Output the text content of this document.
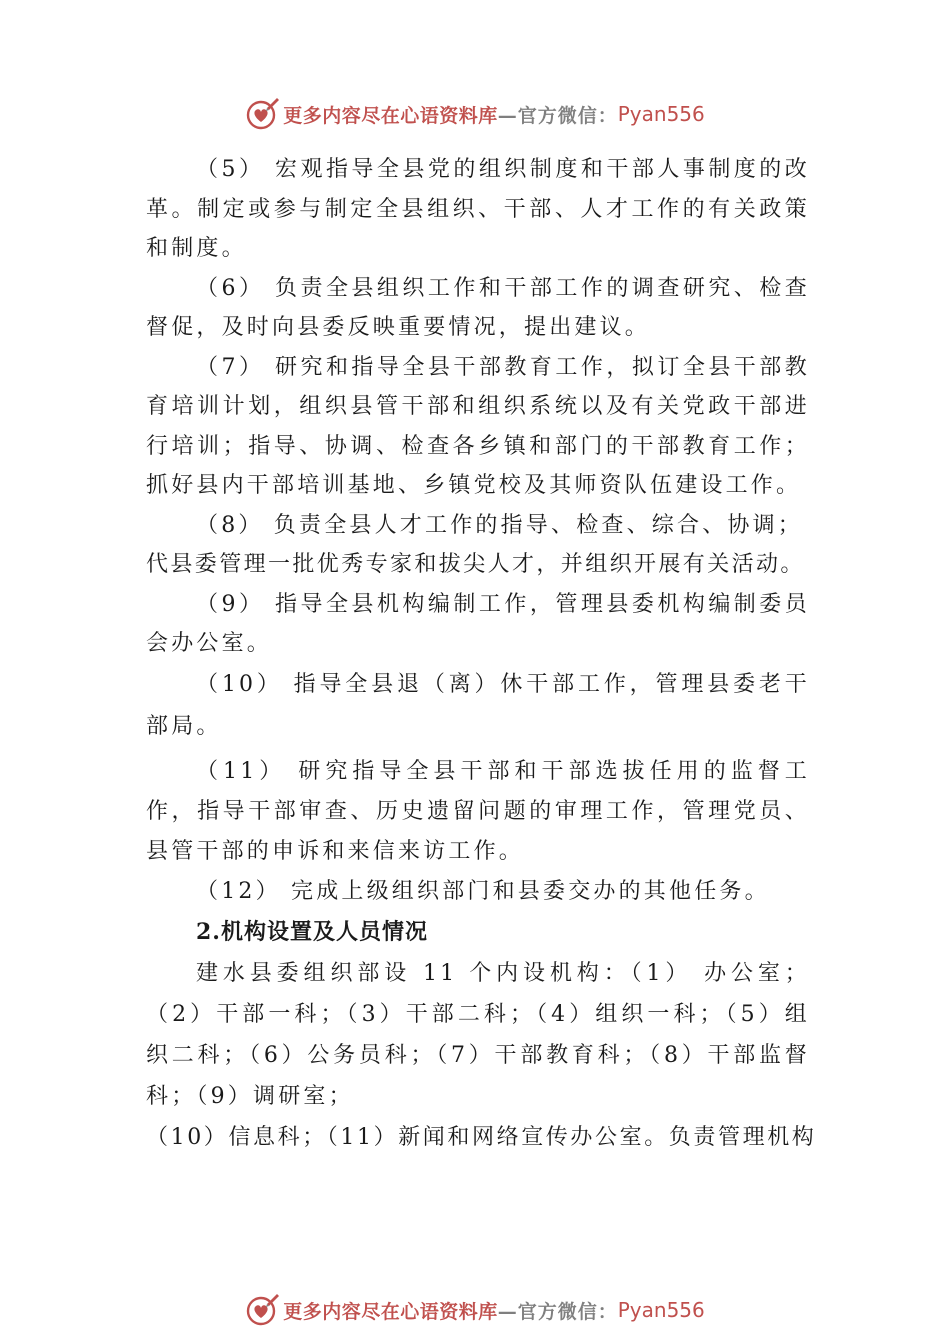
更多内容尽在心语资料库 —官方微信： Pyan556

（5） 宏观指导全县党的组织制度和干部人事制度的改革。制定或参与制定全县组织、干部、人才工作的有关政策和制度。

（6） 负责全县组织工作和干部工作的调查研究、检查督促，及时向县委反映重要情况，提出建议。

（7） 研究和指导全县干部教育工作，拟订全县干部教育培训计划，组织县管干部和组织系统以及有关党政干部进行培训；指导、协调、检查各乡镇和部门的干部教育工作；抓好县内干部培训基地、乡镇党校及其师资队伍建设工作。

（8） 负责全县人才工作的指导、检查、综合、协调；

代县委管理一批优秀专家和拔尖人才，并组织开展有关活动。

（9） 指导全县机构编制工作，管理县委机构编制委员会办公室。

（10） 指导全县退（离）休干部工作，管理县委老干部局。

（11） 研究指导全县干部和干部选拔任用的监督工作，指导干部审查、历史遗留问题的审理工作，管理党员、县管干部的申诉和来信来访工作。

（12） 完成上级组织部门和县委交办的其他任务。

2.机构设置及人员情况

建水县委组织部设 11 个内设机构：（1） 办公室；（2）干部一科；（3）干部二科；（4）组织一科；（5）组织二科；（6）公务员科；（7）干部教育科；（8）干部监督科；（9）调研室；

（10）信息科；（11）新闻和网络宣传办公室。负责管理机构

更多内容尽在心语资料库 —官方微信： Pyan556
